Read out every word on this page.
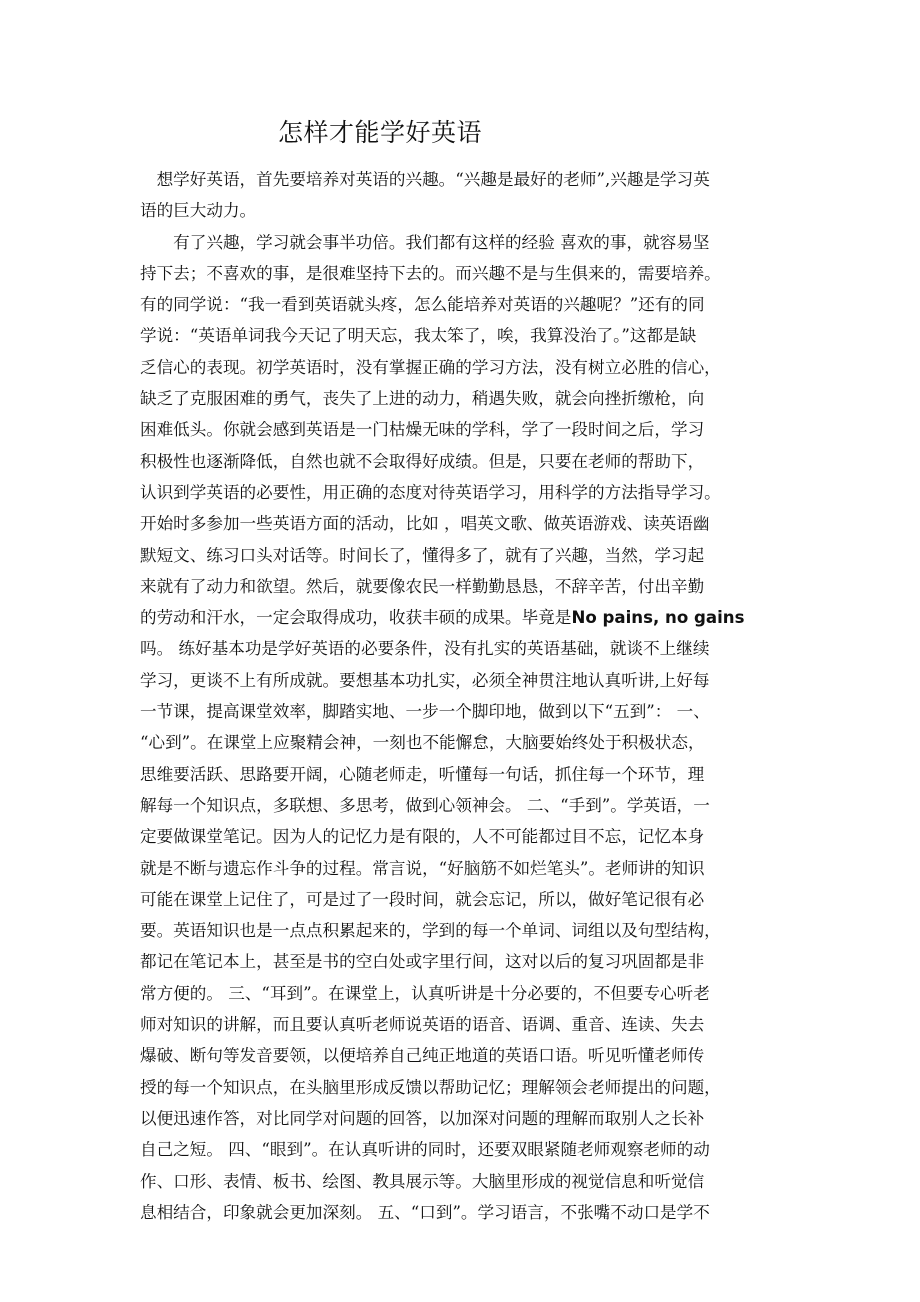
怎样才能学好英语
　想学好英语，首先要培养对英语的兴趣。“兴趣是最好的老师”,兴趣是学习英
语的巨大动力。
　　有了兴趣，学习就会事半功倍。我们都有这样的经验 喜欢的事，就容易坚
持下去；不喜欢的事，是很难坚持下去的。而兴趣不是与生俱来的，需要培养。
有的同学说：“我一看到英语就头疼，怎么能培养对英语的兴趣呢？”还有的同
学说：“英语单词我今天记了明天忘，我太笨了，唉，我算没治了。”这都是缺
乏信心的表现。初学英语时，没有掌握正确的学习方法，没有树立必胜的信心，
缺乏了克服困难的勇气，丧失了上进的动力，稍遇失败，就会向挫折缴枪，向
困难低头。你就会感到英语是一门枯燥无味的学科，学了一段时间之后，学习
积极性也逐渐降低，自然也就不会取得好成绩。但是，只要在老师的帮助下，
认识到学英语的必要性，用正确的态度对待英语学习，用科学的方法指导学习。
开始时多参加一些英语方面的活动，比如 ，唱英文歌、做英语游戏、读英语幽
默短文、练习口头对话等。时间长了，懂得多了，就有了兴趣，当然，学习起
来就有了动力和欲望。然后，就要像农民一样勤勤恳恳，不辞辛苦，付出辛勤
的劳动和汗水，一定会取得成功，收获丰硕的成果。毕竟是No pains, no gains
吗。 练好基本功是学好英语的必要条件，没有扎实的英语基础，就谈不上继续
学习，更谈不上有所成就。要想基本功扎实，必须全神贯注地认真听讲,上好每
一节课，提高课堂效率，脚踏实地、一步一个脚印地，做到以下“五到”： 一、
“心到”。在课堂上应聚精会神，一刻也不能懈怠，大脑要始终处于积极状态，
思维要活跃、思路要开阔，心随老师走，听懂每一句话，抓住每一个环节，理
解每一个知识点，多联想、多思考，做到心领神会。 二、“手到”。学英语，一
定要做课堂笔记。因为人的记忆力是有限的，人不可能都过目不忘，记忆本身
就是不断与遗忘作斗争的过程。常言说，“好脑筋不如烂笔头”。老师讲的知识
可能在课堂上记住了，可是过了一段时间，就会忘记，所以，做好笔记很有必
要。英语知识也是一点点积累起来的，学到的每一个单词、词组以及句型结构，
都记在笔记本上，甚至是书的空白处或字里行间，这对以后的复习巩固都是非
常方便的。 三、“耳到”。在课堂上，认真听讲是十分必要的，不但要专心听老
师对知识的讲解，而且要认真听老师说英语的语音、语调、重音、连读、失去
爆破、断句等发音要领，以便培养自己纯正地道的英语口语。听见听懂老师传
授的每一个知识点，在头脑里形成反馈以帮助记忆；理解领会老师提出的问题，
以便迅速作答，对比同学对问题的回答，以加深对问题的理解而取别人之长补
自己之短。 四、“眼到”。在认真听讲的同时，还要双眼紧随老师观察老师的动
作、口形、表情、板书、绘图、教具展示等。大脑里形成的视觉信息和听觉信
息相结合，印象就会更加深刻。 五、“口到”。学习语言，不张嘴不动口是学不
